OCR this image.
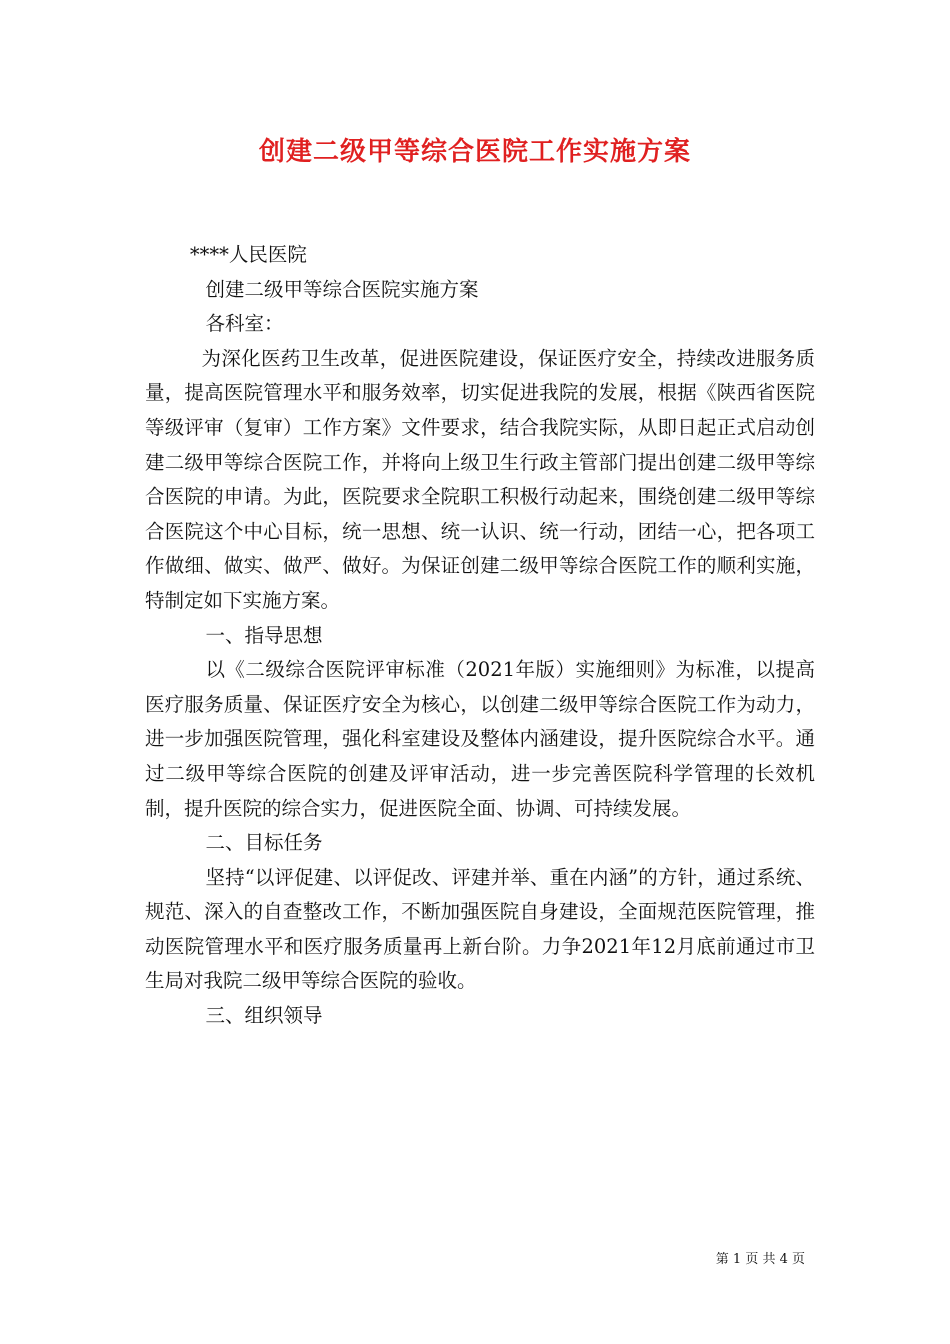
创建二级甲等综合医院工作实施方案

****人民医院

创建二级甲等综合医院实施方案

各科室：

为深化医药卫生改革，促进医院建设，保证医疗安全，持续改进服务质量，提高医院管理水平和服务效率，切实促进我院的发展，根据《陕西省医院等级评审（复审）工作方案》文件要求，结合我院实际，从即日起正式启动创建二级甲等综合医院工作，并将向上级卫生行政主管部门提出创建二级甲等综合医院的申请。为此，医院要求全院职工积极行动起来，围绕创建二级甲等综合医院这个中心目标，统一思想、统一认识、统一行动，团结一心，把各项工作做细、做实、做严、做好。为保证创建二级甲等综合医院工作的顺利实施，特制定如下实施方案。

一、指导思想

以《二级综合医院评审标准（2021年版）实施细则》为标准，以提高医疗服务质量、保证医疗安全为核心，以创建二级甲等综合医院工作为动力，进一步加强医院管理，强化科室建设及整体内涵建设，提升医院综合水平。通过二级甲等综合医院的创建及评审活动，进一步完善医院科学管理的长效机制，提升医院的综合实力，促进医院全面、协调、可持续发展。

二、目标任务

坚持“以评促建、以评促改、评建并举、重在内涵”的方针，通过系统、规范、深入的自查整改工作，不断加强医院自身建设，全面规范医院管理，推动医院管理水平和医疗服务质量再上新台阶。力争2021年12月底前通过市卫生局对我院二级甲等综合医院的验收。

三、组织领导

第 1 页 共 4 页
